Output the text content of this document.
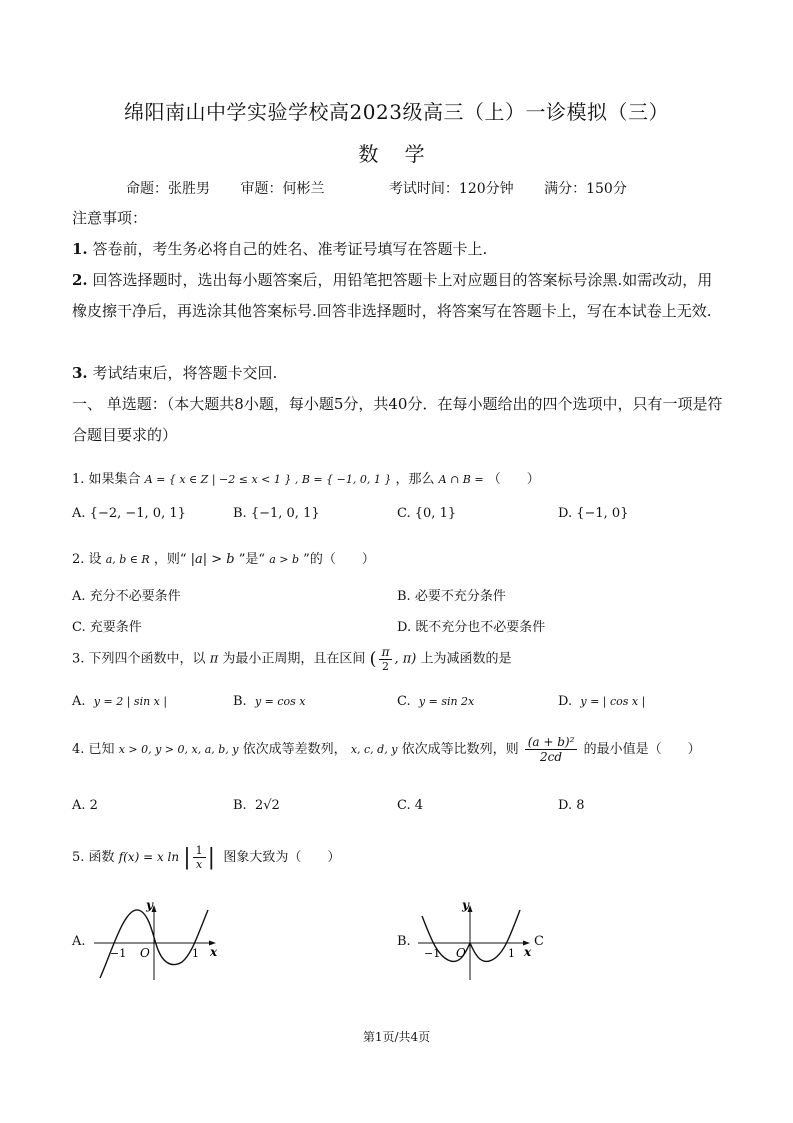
绵阳南山中学实验学校高2023级高三（上）一诊模拟（三）
数 学
命题：张胜男 审题：何彬兰	考试时间：120分钟 满分：150分
注意事项：
1. 答卷前，考生务必将自己的姓名、准考证号填写在答题卡上.
2. 回答选择题时，选出每小题答案后，用铅笔把答题卡上对应题目的答案标号涂黑.如需改动，用橡皮擦干净后，再选涂其他答案标号.回答非选择题时，将答案写在答题卡上，写在本试卷上无效.
3. 考试结束后，将答题卡交回.
一、 单选题：（本大题共8小题，每小题5分，共40分．在每小题给出的四个选项中，只有一项是符合题目要求的）
1. 如果集合 A = { x ∈ Z | −2 ≤ x < 1 } , B = { −1, 0, 1 } ，那么 A ∩ B = （　　）
A. {−2, −1, 0, 1}	B. {−1, 0, 1}	C. {0, 1}	D. {−1, 0}
2. 设 a, b ∈ R ，则“ |a| > b ”是“ a > b ”的（　　）
A. 充分不必要条件	B. 必要不充分条件
C. 充要条件	D. 既不充分也不必要条件
3. 下列四个函数中，以 π 为最小正周期，且在区间 ( $\frac{\pi}{2}$ , π) 上为减函数的是
A. y = 2 | sin x |	B. y = cos x	C. y = sin 2x	D. y = | cos x |
4. 已知 x > 0, y > 0, x, a, b, y 依次成等差数列， x, c, d, y 依次成等比数列，则 $\frac{\text{(a + b)²}}{2cd}$ 的最小值是（　　）
A. 2	B. 2√2	C. 4	D. 8
5. 函数 f(x) = x ln | $\frac{1}{x}$ | 图象大致为（　　）
A.
y
x
O
−1	1
B.
y
x
O
−1	1
C
第1页/共4页
